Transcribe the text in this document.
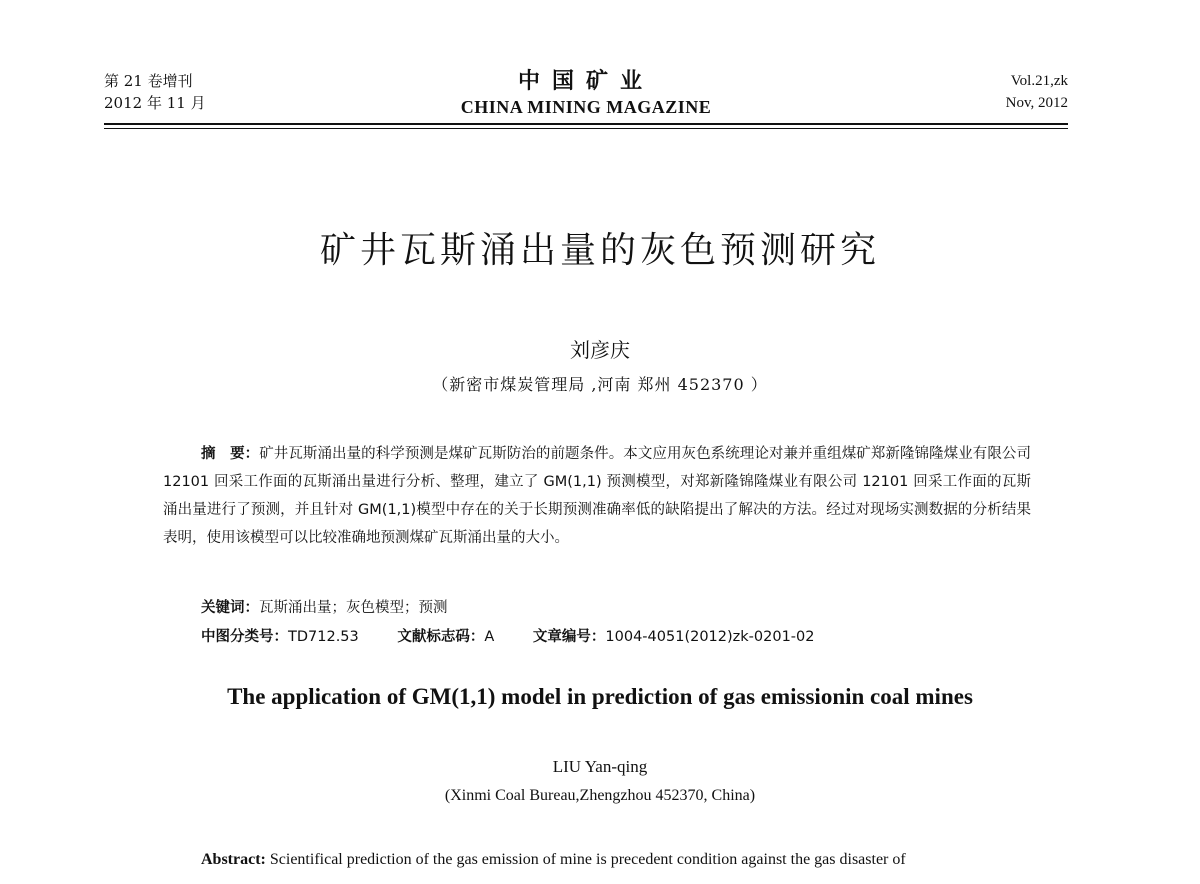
第 21 卷增刊
2012 年 11 月
中国矿业
CHINA MINING MAGAZINE
Vol.21,zk
Nov, 2012
矿井瓦斯涌出量的灰色预测研究
刘彦庆
（新密市煤炭管理局 ,河南 郑州 452370 ）
摘　要：矿井瓦斯涌出量的科学预测是煤矿瓦斯防治的前题条件。本文应用灰色系统理论对兼并重组煤矿郑新隆锦隆煤业有限公司 12101 回采工作面的瓦斯涌出量进行分析、整理，建立了 GM(1,1) 预测模型，对郑新隆锦隆煤业有限公司 12101 回采工作面的瓦斯涌出量进行了预测，并且针对 GM(1,1)模型中存在的关于长期预测准确率低的缺陷提出了解决的方法。经过对现场实测数据的分析结果表明，使用该模型可以比较准确地预测煤矿瓦斯涌出量的大小。
关键词：瓦斯涌出量；灰色模型；预测
中图分类号：TD712.53	文献标志码：A	文章编号：1004-4051(2012)zk-0201-02
The application of GM(1,1) model in prediction of gas emissionin coal mines
LIU Yan-qing
(Xinmi Coal Bureau,Zhengzhou 452370, China)
Abstract: Scientifical prediction of the gas emission of mine is precedent condition against the gas disaster of
